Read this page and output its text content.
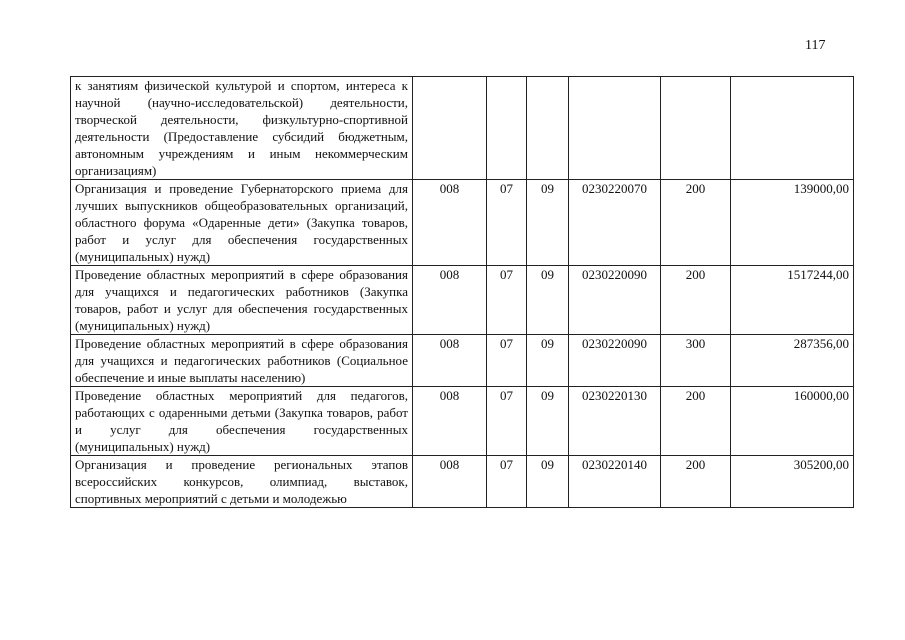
117
к занятиям физической культурой и спортом, интереса к научной (научно-исследовательской) деятельности, творческой деятельности, физкультурно-спортивной деятельности (Предоставление субсидий бюджетным, автономным учреждениям и иным некоммерческим организациям)						
Организация и проведение Губернаторского приема для лучших выпускников общеобразовательных организаций, областного форума «Одаренные дети» (Закупка товаров, работ и услуг для обеспечения государственных (муниципальных) нужд)	008	07	09	0230220070	200	139000,00
Проведение областных мероприятий в сфере образования для учащихся и педагогических работников (Закупка товаров, работ и услуг для обеспечения государственных (муниципальных) нужд)	008	07	09	0230220090	200	1517244,00
Проведение областных мероприятий в сфере образования для учащихся и педагогических работников (Социальное обеспечение и иные выплаты населению)	008	07	09	0230220090	300	287356,00
Проведение областных мероприятий для педагогов, работающих с одаренными детьми (Закупка товаров, работ и услуг для обеспечения государственных (муниципальных) нужд)	008	07	09	0230220130	200	160000,00
Организация и проведение региональных этапов всероссийских конкурсов, олимпиад, выставок, спортивных мероприятий с детьми и молодежью	008	07	09	0230220140	200	305200,00
